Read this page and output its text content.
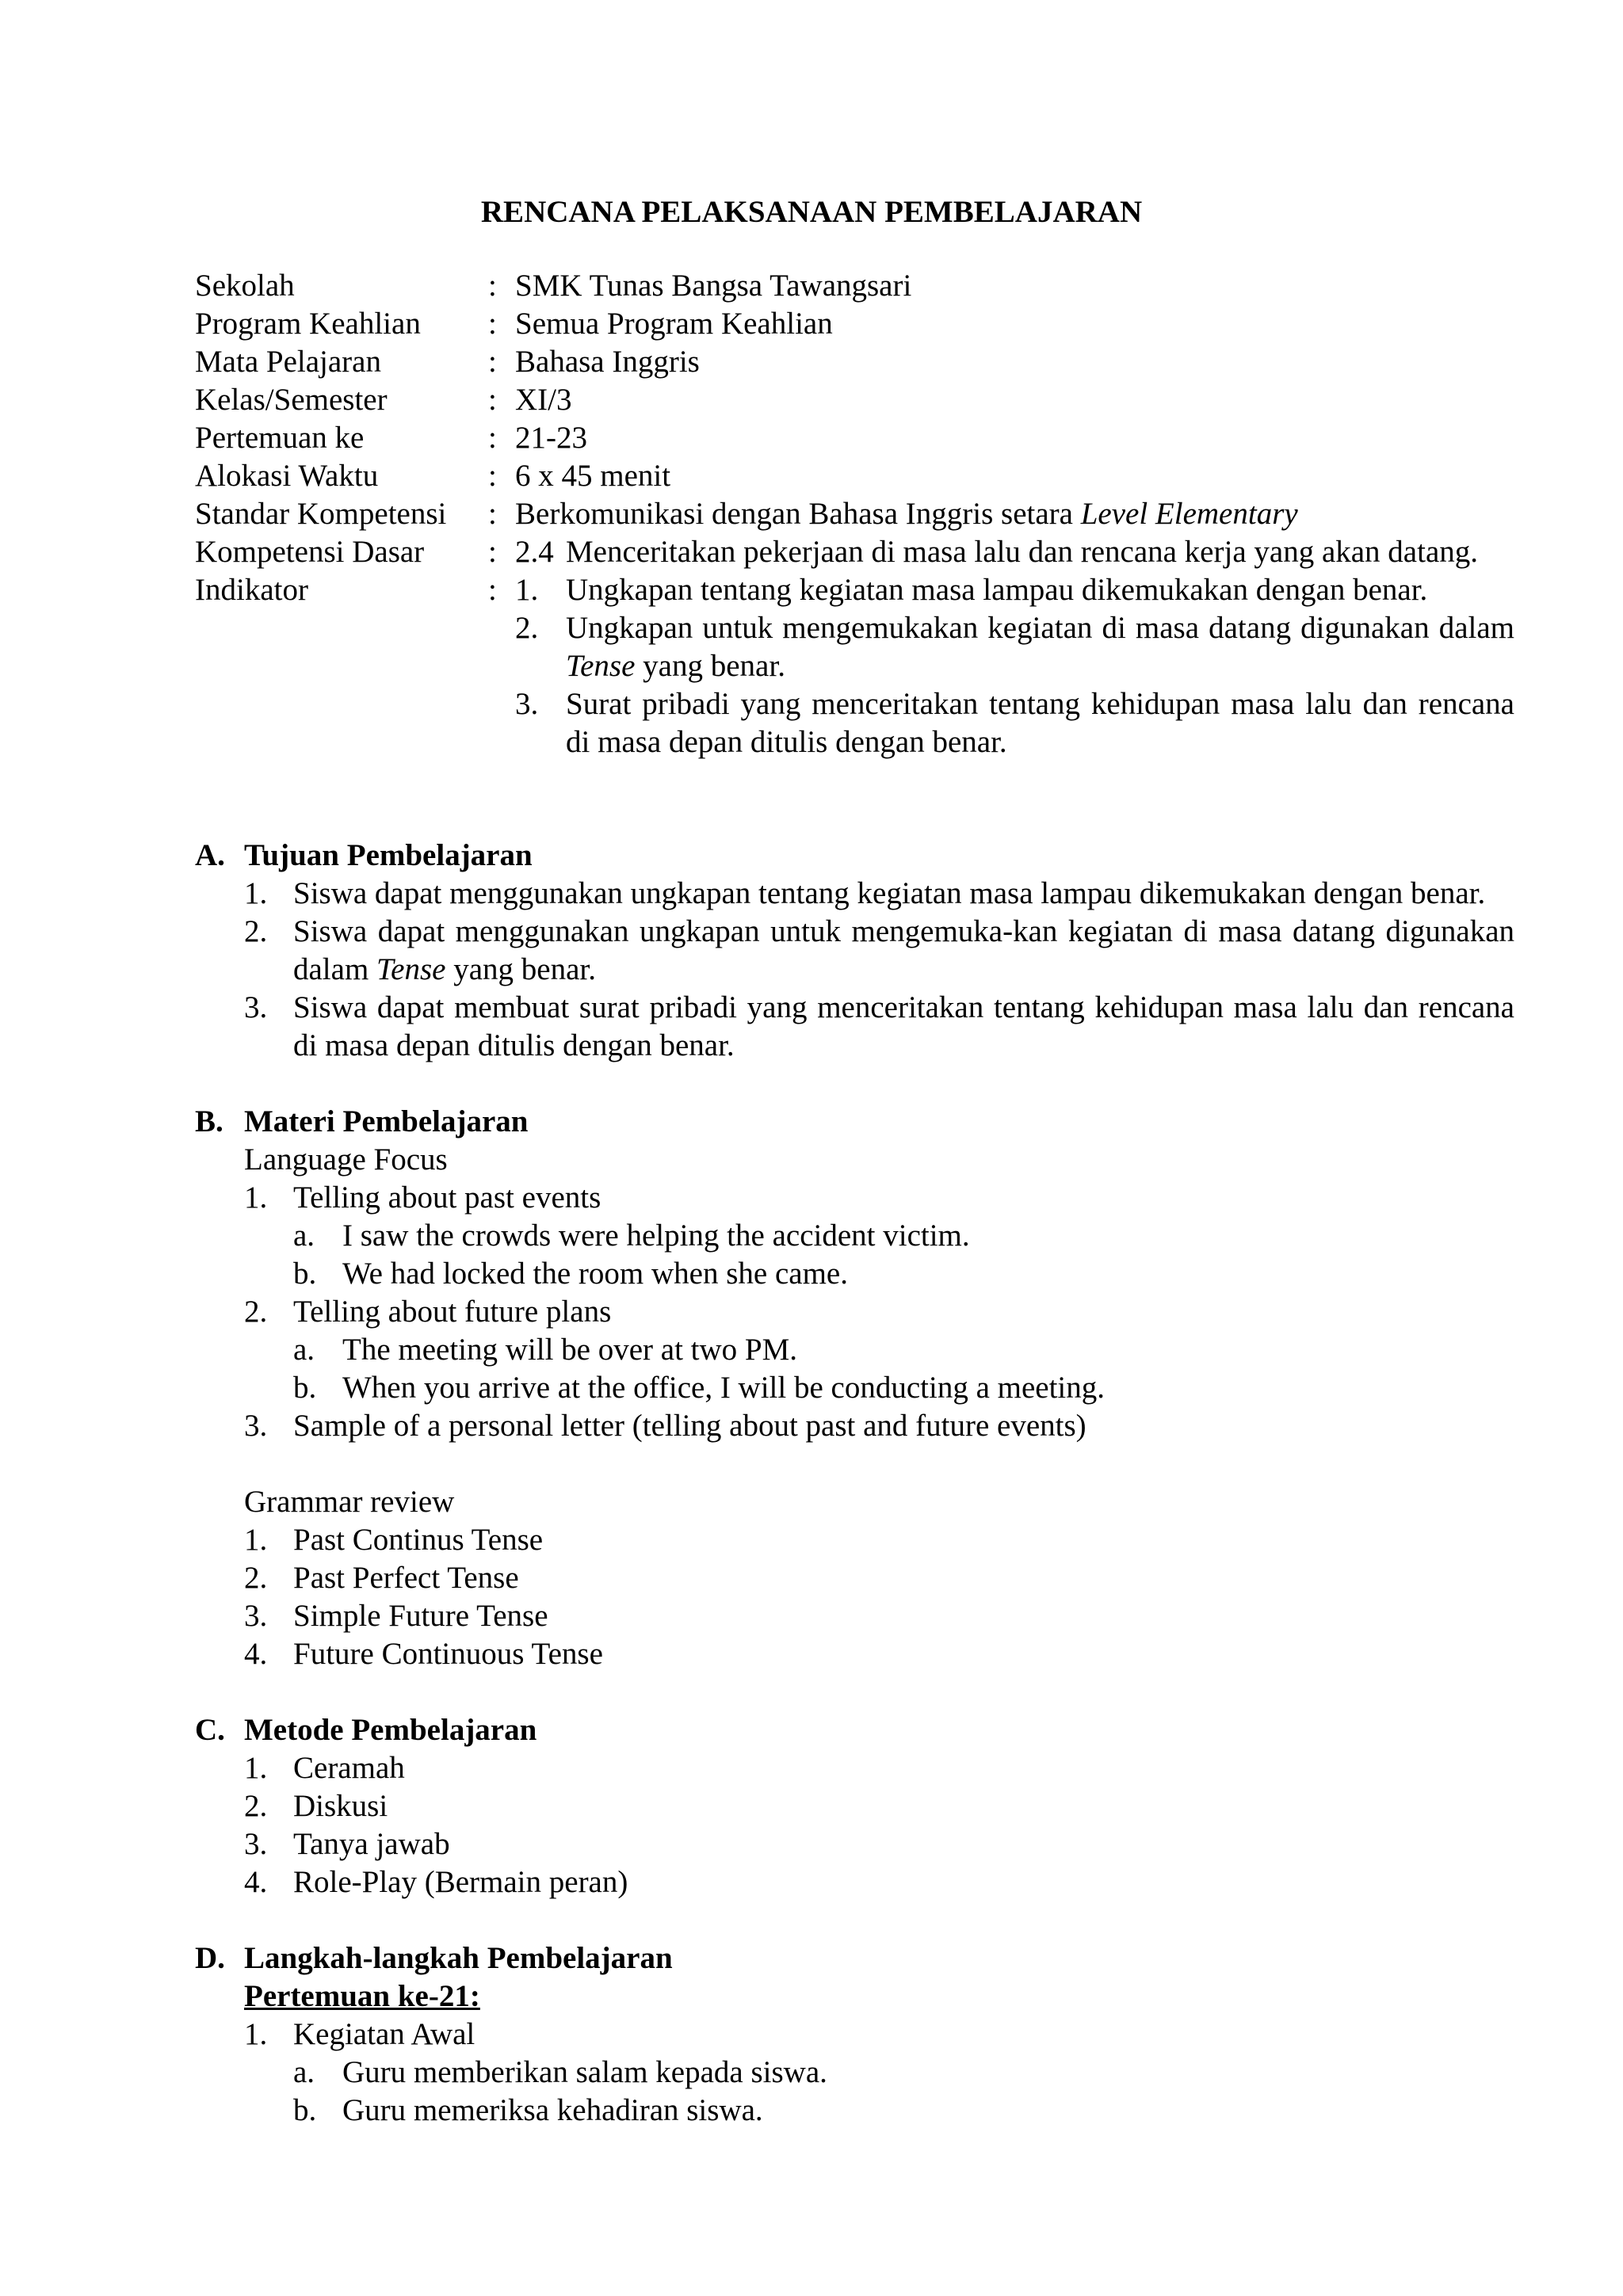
RENCANA PELAKSANAAN PEMBELAJARAN
Sekolah	: SMK Tunas Bangsa Tawangsari
Program Keahlian	: Semua Program Keahlian
Mata Pelajaran	: Bahasa Inggris
Kelas/Semester	: XI/3
Pertemuan ke	: 21-23
Alokasi Waktu	: 6 x 45 menit
Standar Kompetensi	: Berkomunikasi dengan Bahasa Inggris setara Level Elementary
Kompetensi Dasar	: 2.4 Menceritakan pekerjaan di masa lalu dan rencana kerja yang akan datang.
Indikator	: 1. Ungkapan tentang kegiatan masa lampau dikemukakan dengan benar.
2. Ungkapan untuk mengemukakan kegiatan di masa datang digunakan dalam Tense yang benar.
3. Surat pribadi yang menceritakan tentang kehidupan masa lalu dan rencana di masa depan ditulis dengan benar.
A. Tujuan Pembelajaran
1. Siswa dapat menggunakan ungkapan tentang kegiatan masa lampau dikemukakan dengan benar.
2. Siswa dapat menggunakan ungkapan untuk mengemuka-kan kegiatan di masa datang digunakan dalam Tense yang benar.
3. Siswa dapat membuat surat pribadi yang menceritakan tentang kehidupan masa lalu dan rencana di masa depan ditulis dengan benar.
B. Materi Pembelajaran
Language Focus
1. Telling about past events
a. I saw the crowds were helping the accident victim.
b. We had locked the room when she came.
2. Telling about future plans
a. The meeting will be over at two PM.
b. When you arrive at the office, I will be conducting a meeting.
3. Sample of a personal letter (telling about past and future events)
Grammar review
1. Past Continus Tense
2. Past Perfect Tense
3. Simple Future Tense
4. Future Continuous Tense
C. Metode Pembelajaran
1. Ceramah
2. Diskusi
3. Tanya jawab
4. Role-Play (Bermain peran)
D. Langkah-langkah Pembelajaran
Pertemuan ke-21:
1. Kegiatan Awal
a. Guru memberikan salam kepada siswa.
b. Guru memeriksa kehadiran siswa.
